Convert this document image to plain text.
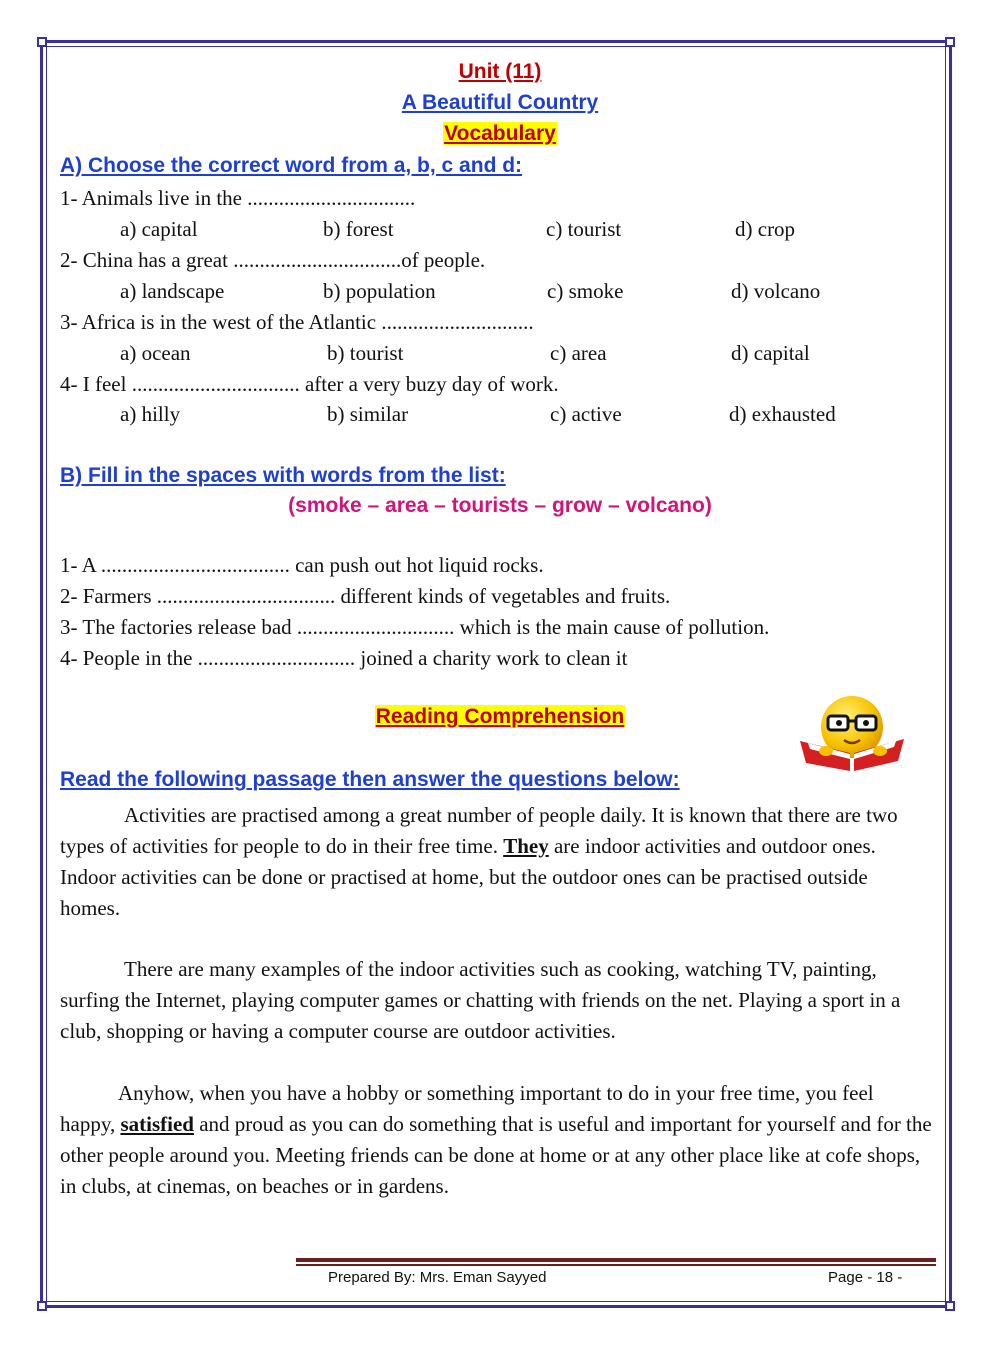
Unit (11)
A Beautiful Country
Vocabulary
A) Choose the correct word from a, b, c and d:
1- Animals live in the ................................
a) capital	b) forest	c) tourist	d) crop
2- China has a great ................................of people.
a) landscape	b) population	c) smoke	d) volcano
3- Africa is in the west of the Atlantic .............................
a) ocean	b) tourist	c) area	d) capital
4- I feel ................................ after a very buzy day of work.
a) hilly	b) similar	c) active	d) exhausted
B) Fill in the spaces with words from the list:
(smoke – area – tourists – grow – volcano)
1- A .................................... can push out hot liquid rocks.
2- Farmers .................................. different kinds of vegetables and fruits.
3- The factories release bad .............................. which is the main cause of pollution.
4- People in the .............................. joined a charity work to clean it
Reading Comprehension
Read the following passage then answer the questions below:
Activities are practised among a great number of people daily. It is known that there are two types of activities for people to do in their free time. They are indoor activities and outdoor ones. Indoor activities can be done or practised at home, but the outdoor ones can be practised outside homes.
There are many examples of the indoor activities such as cooking, watching TV, painting, surfing the Internet, playing computer games or chatting with friends on the net. Playing a sport in a club, shopping or having a computer course are outdoor activities.
Anyhow, when you have a hobby or something important to do in your free time, you feel happy, satisfied and proud as you can do something that is useful and important for yourself and for the other people around you. Meeting friends can be done at home or at any other place like at cofe shops, in clubs, at cinemas, on beaches or in gardens.
Prepared By: Mrs. Eman Sayyed	Page - 18 -
